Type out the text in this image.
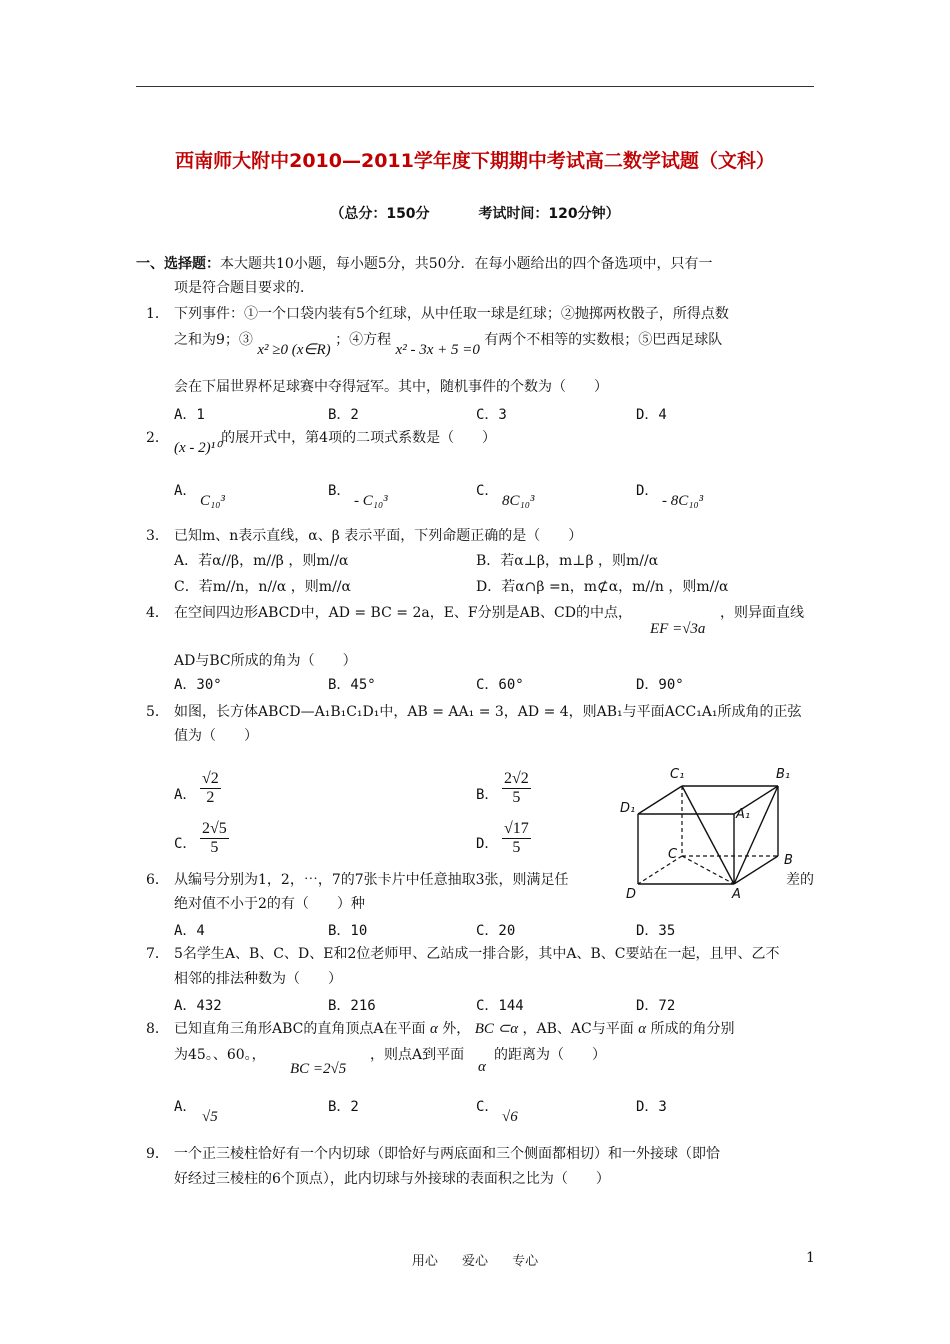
西南师大附中2010—2011学年度下期期中考试高二数学试题（文科）
（总分：150分	考试时间：120分钟）
一、选择题：本大题共10小题，每小题5分，共50分．在每小题给出的四个备选项中，只有一
项是符合题目要求的．
1． 下列事件：①一个口袋内装有5个红球，从中任取一球是红球；②抛掷两枚骰子，所得点数
之和为9；③ x² ≥0 (x∈R) ；④方程 x² - 3x + 5 =0 有两个不相等的实数根；⑤巴西足球队
会在下届世界杯足球赛中夺得冠军。其中，随机事件的个数为（　　）
A．1	B．2	C．3	D．4
2．
(x - 2)¹⁰的展开式中，第4项的二项式系数是（　　）
A．
C₁₀³
B．
- C₁₀³
C．
8C₁₀³
D．
- 8C₁₀³
3． 已知m、n表示直线，α、β 表示平面，下列命题正确的是（　　）
A．若α//β，m//β ，则m//α	B．若α⊥β，m⊥β ，则m//α
C．若m//n，n//α ，则m//α	D．若α∩β =n，m⊄α，m//n ，则m//α
4． 在空间四边形ABCD中，AD = BC = 2a，E、F分别是AB、CD的中点，
EF =√3a
，则异面直线
AD与BC所成的角为（　　）
A．30°	B．45°	C．60°	D．90°
5． 如图，长方体ABCD—A₁B₁C₁D₁中，AB = AA₁ = 3，AD = 4，则AB₁与平面ACC₁A₁所成角的正弦
值为（　　）
A． $\frac{√2}{2}$	B． $\frac{2√2}{5}$
C． $\frac{2√5}{5}$	D． $\frac{√17}{5}$
C₁	B₁
D₁	A₁
C	B
D	A
6． 从编号分别为1，2，⋯，7的7张卡片中任意抽取3张，则满足任	差的
绝对值不小于2的有（　　）种
A．4	B．10	C．20	D．35
7． 5名学生A、B、C、D、E和2位老师甲、乙站成一排合影，其中A、B、C要站在一起，且甲、乙不
相邻的排法种数为（　　）
A．432	B．216	C．144	D．72
8． 已知直角三角形ABC的直角顶点A在平面 α 外， BC ⊂α ，AB、AC与平面 α 所成的角分别
为45。、60。，
BC =2√5
，则点A到平面
α
的距离为（　　）
A．
√5
B．2	C．
√6
D．3
9． 一个正三棱柱恰好有一个内切球（即恰好与两底面和三个侧面都相切）和一外接球（即恰
好经过三棱柱的6个顶点），此内切球与外接球的表面积之比为（　　）
用心 爱心 专心	1
